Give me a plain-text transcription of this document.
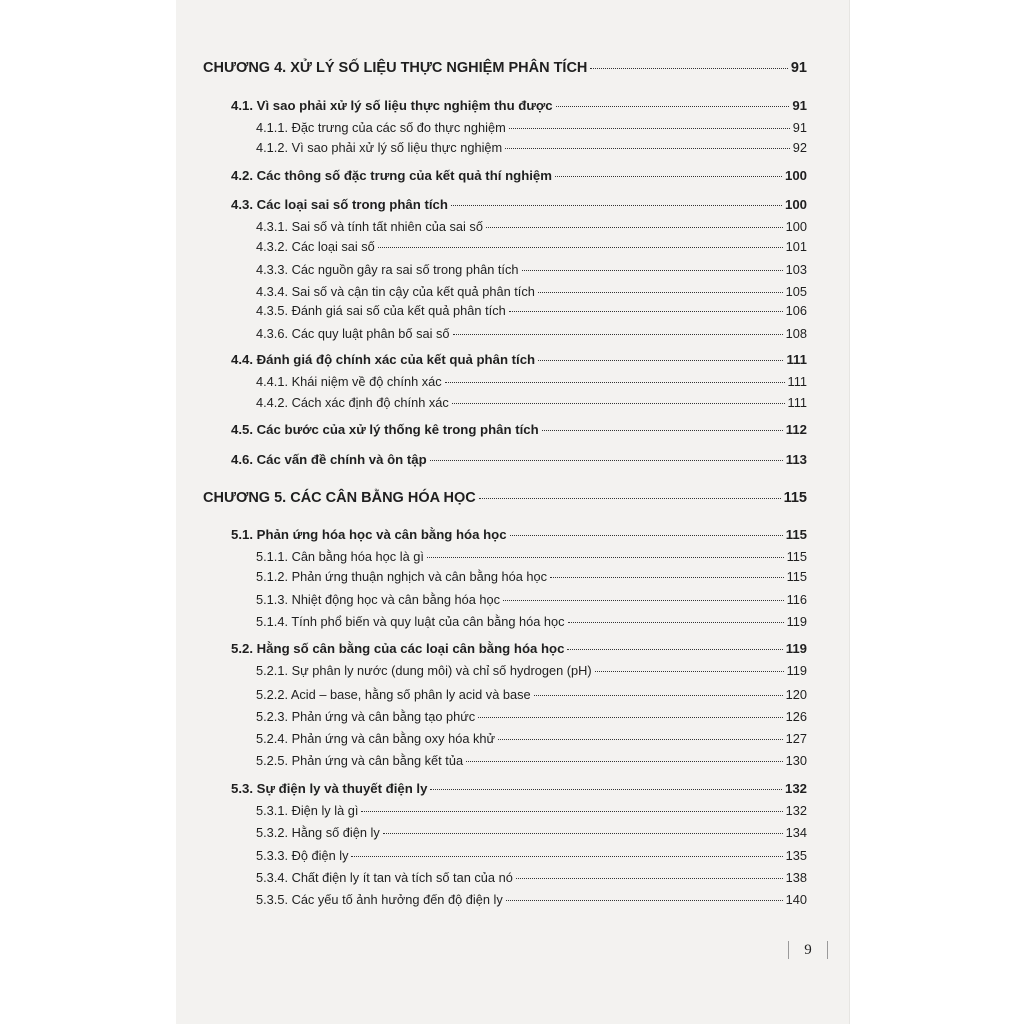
CHƯƠNG 4. XỬ LÝ SỐ LIỆU THỰC NGHIỆM PHÂN TÍCH	91
4.1. Vì sao phải xử lý số liệu thực nghiệm thu được	91
4.1.1. Đặc trưng của các số đo thực nghiệm	91
4.1.2. Vì sao phải xử lý số liệu thực nghiệm	92
4.2. Các thông số đặc trưng của kết quả thí nghiệm	100
4.3. Các loại sai số trong phân tích	100
4.3.1. Sai số và tính tất nhiên của sai số	100
4.3.2. Các loại sai số	101
4.3.3. Các nguồn gây ra sai số trong phân tích	103
4.3.4. Sai số và cận tin cậy của kết quả phân tích	105
4.3.5. Đánh giá sai số của kết quả phân tích	106
4.3.6. Các quy luật phân bố sai số	108
4.4. Đánh giá độ chính xác của kết quả phân tích	111
4.4.1. Khái niệm về độ chính xác	111
4.4.2. Cách xác định độ chính xác	111
4.5. Các bước của xử lý thống kê trong phân tích	112
4.6. Các vấn đề chính và ôn tập	113
CHƯƠNG 5. CÁC CÂN BẰNG HÓA HỌC	115
5.1. Phản ứng hóa học và cân bằng hóa học	115
5.1.1. Cân bằng hóa học là gì	115
5.1.2. Phản ứng thuận nghịch và cân bằng hóa học	115
5.1.3. Nhiệt động học và cân bằng hóa học	116
5.1.4. Tính phổ biến và quy luật của cân bằng hóa học	119
5.2. Hằng số cân bằng của các loại cân bằng hóa học	119
5.2.1. Sự phân ly nước (dung môi) và chỉ số hydrogen (pH)	119
5.2.2. Acid – base, hằng số phân ly acid và base	120
5.2.3. Phản ứng và cân bằng tạo phức	126
5.2.4. Phản ứng và cân bằng oxy hóa khử	127
5.2.5. Phản ứng và cân bằng kết tủa	130
5.3. Sự điện ly và thuyết điện ly	132
5.3.1. Điện ly là gì	132
5.3.2. Hằng số điện ly	134
5.3.3. Độ điện ly	135
5.3.4. Chất điện ly ít tan và tích số tan của nó	138
5.3.5. Các yếu tố ảnh hưởng đến độ điện ly	140
9
